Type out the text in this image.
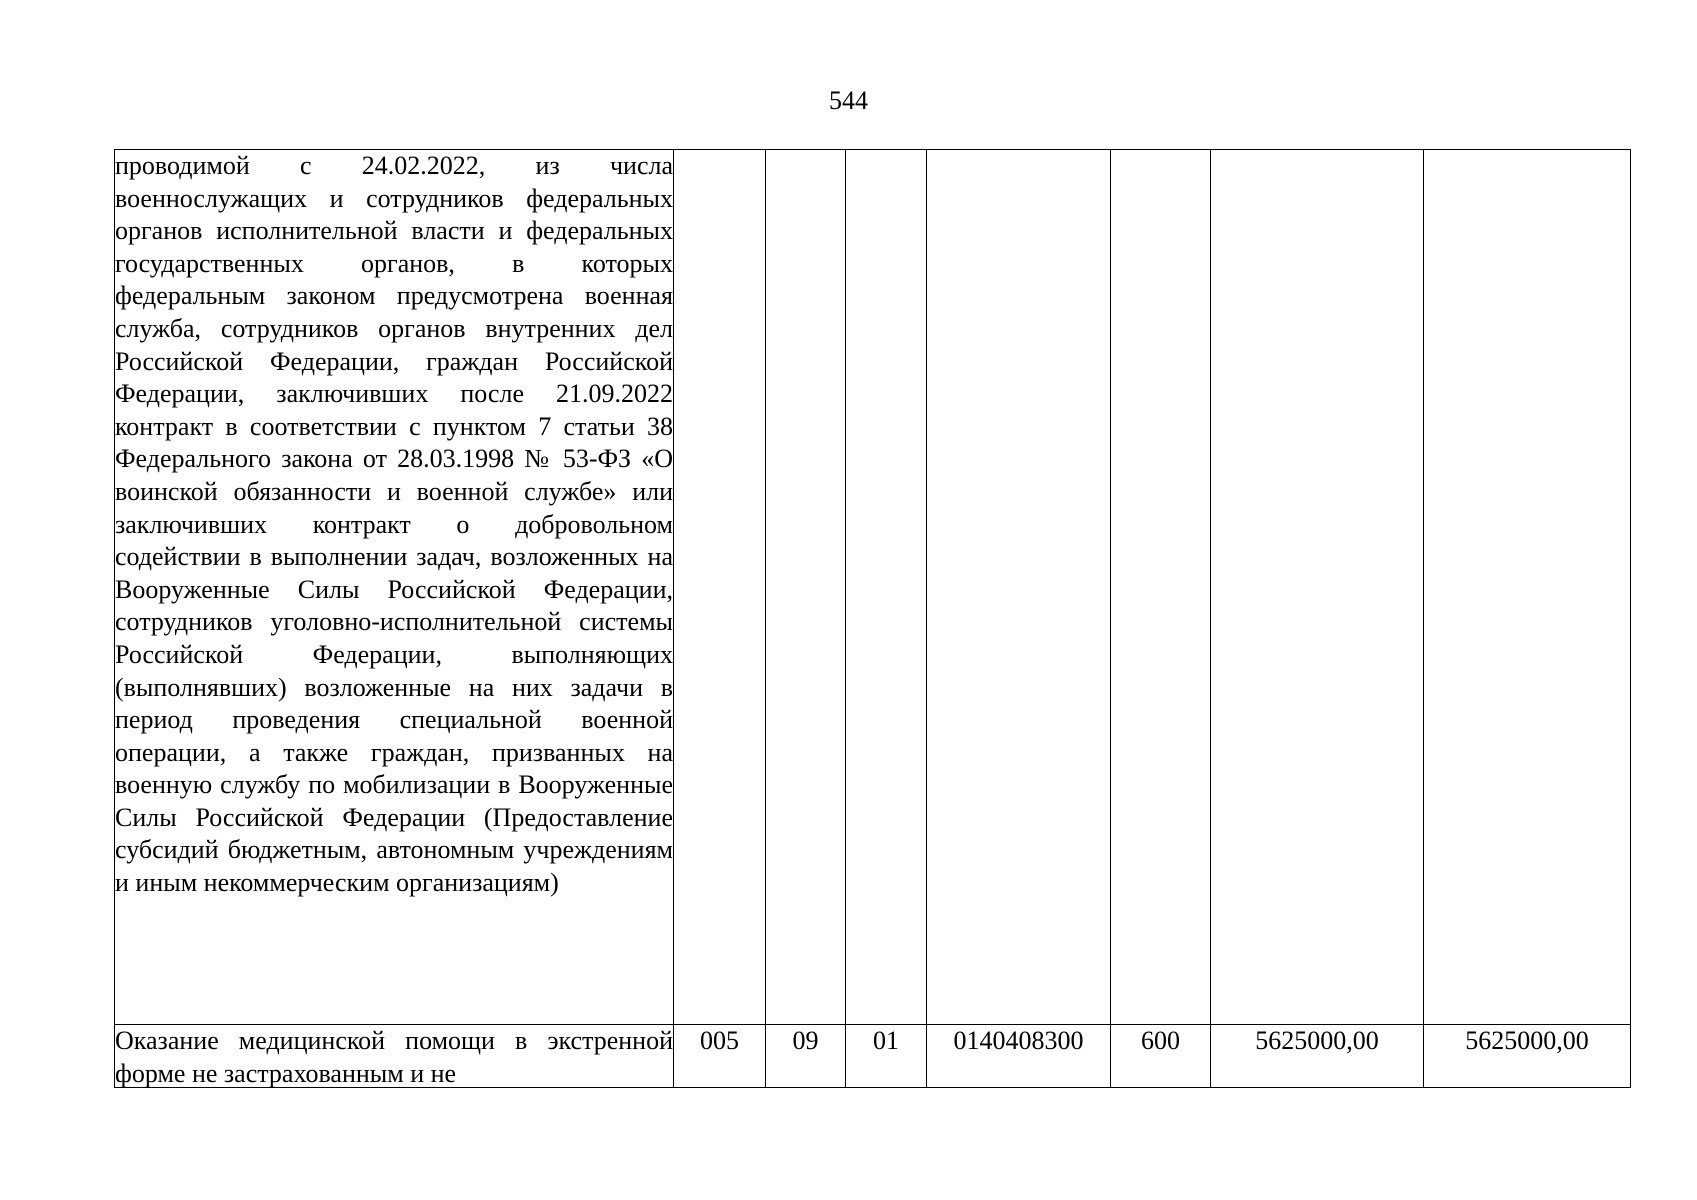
544
проводимой с 24.02.2022, из числа военнослужащих и сотрудников федеральных органов исполнительной власти и федеральных государственных органов, в которых федеральным законом предусмотрена военная служба, сотрудников органов внутренних дел Российской Федерации, граждан Российской Федерации, заключивших после 21.09.2022 контракт в соответствии с пунктом 7 статьи 38 Федерального закона от 28.03.1998 № 53-ФЗ «О воинской обязанности и военной службе» или заключивших контракт о добровольном содействии в выполнении задач, возложенных на Вооруженные Силы Российской Федерации, сотрудников уголовно-исполнительной системы Российской Федерации, выполняющих (выполнявших) возложенные на них задачи в период проведения специальной военной операции, а также граждан, призванных на военную службу по мобилизации в Вооруженные Силы Российской Федерации (Предоставление субсидий бюджетным, автономным учреждениям и иным некоммерческим организациям)							

Оказание медицинской помощи в экстренной форме не застрахованным и не	005	09	01	0140408300	600	5625000,00	5625000,00
